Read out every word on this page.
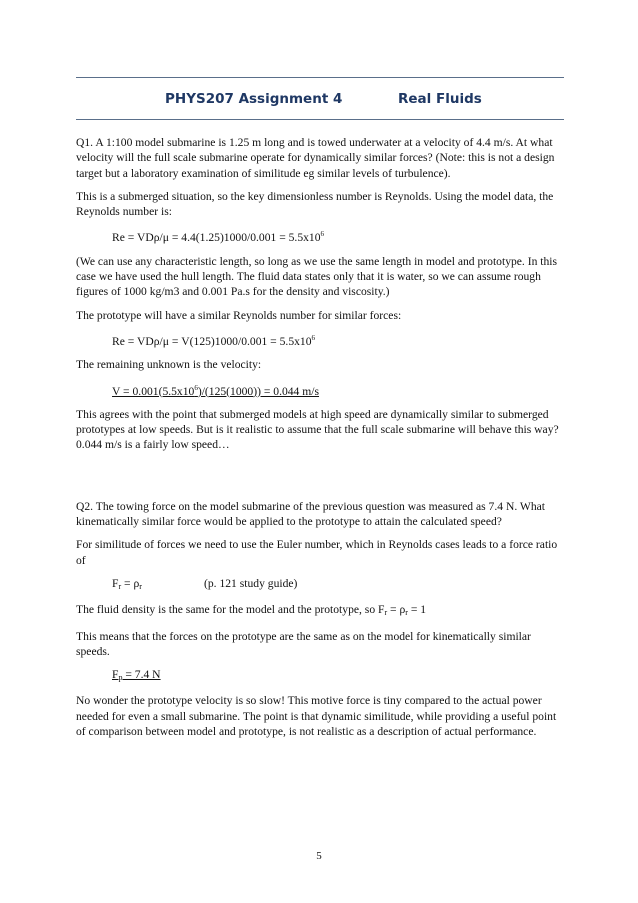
PHYS207 Assignment 4	Real Fluids

Q1. A 1:100 model submarine is 1.25 m long and is towed underwater at a velocity of 4.4 m/s. At what velocity will the full scale submarine operate for dynamically similar forces? (Note: this is not a design target but a laboratory examination of similitude eg similar levels of turbulence).

This is a submerged situation, so the key dimensionless number is Reynolds. Using the model data, the Reynolds number is:

$Re = VD\rho/\mu = 4.4(1.25)1000/0.001 = 5.5x10^6$

(We can use any characteristic length, so long as we use the same length in model and prototype. In this case we have used the hull length. The fluid data states only that it is water, so we can assume rough figures of 1000 kg/m3 and 0.001 Pa.s for the density and viscosity.)

The prototype will have a similar Reynolds number for similar forces:

$Re = VD\rho/\mu = V(125)1000/0.001 = 5.5x10^6$

The remaining unknown is the velocity:

$V = 0.001(5.5x10^6)/(125(1000)) = 0.044$ m/s

This agrees with the point that submerged models at high speed are dynamically similar to submerged prototypes at low speeds. But is it realistic to assume that the full scale submarine will behave this way? 0.044 m/s is a fairly low speed…

Q2. The towing force on the model submarine of the previous question was measured as 7.4 N. What kinematically similar force would be applied to the prototype to attain the calculated speed?

For similitude of forces we need to use the Euler number, which in Reynolds cases leads to a force ratio of

Fr = ρr	(p. 121 study guide)

The fluid density is the same for the model and the prototype, so Fr = ρr = 1

This means that the forces on the prototype are the same as on the model for kinematically similar speeds.

Fp = 7.4 N

No wonder the prototype velocity is so slow! This motive force is tiny compared to the actual power needed for even a small submarine. The point is that dynamic similitude, while providing a useful point of comparison between model and prototype, is not realistic as a description of actual performance.

5
